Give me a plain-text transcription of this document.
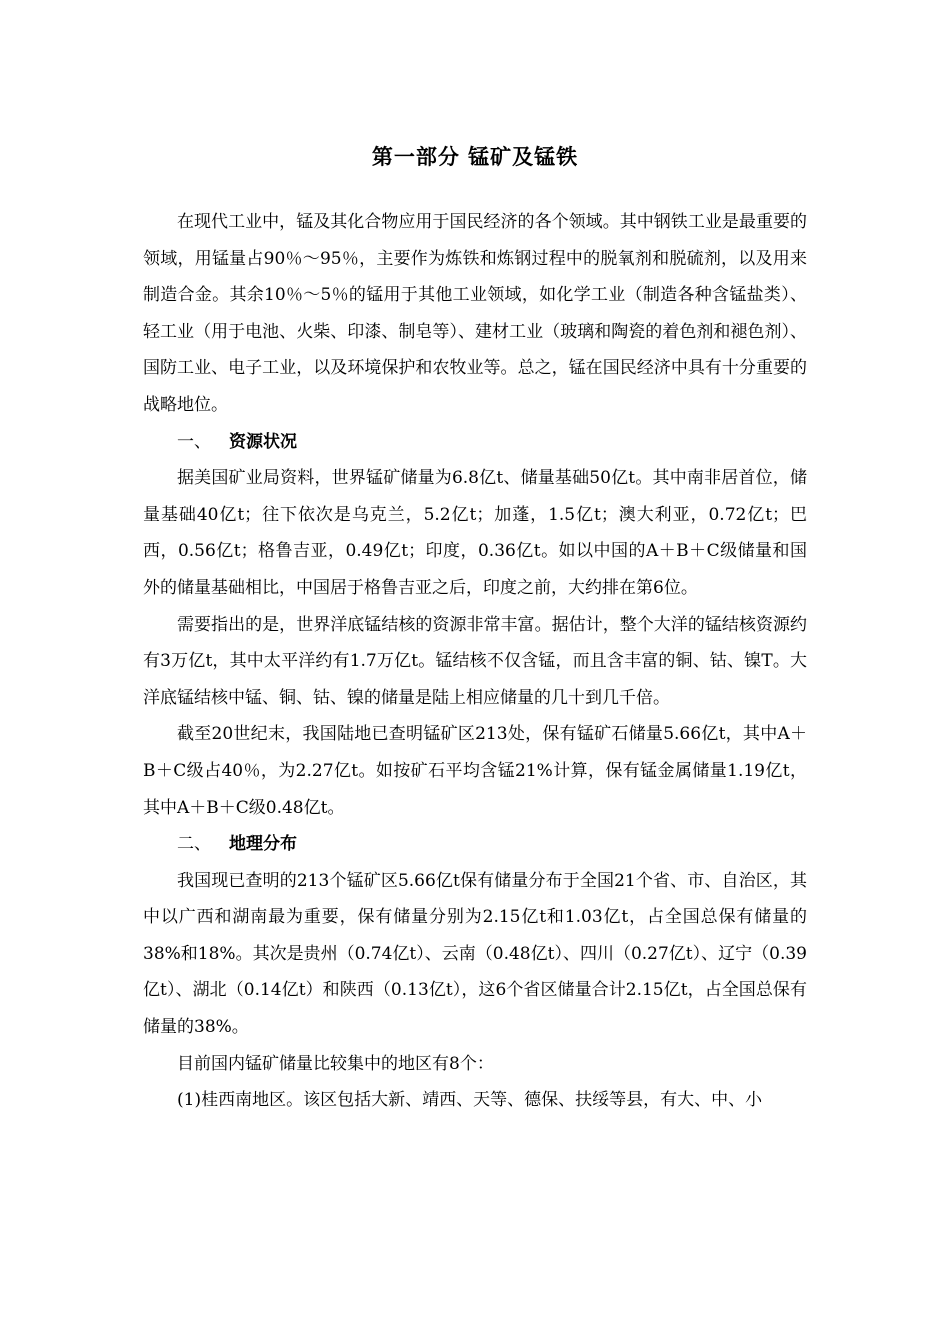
第一部分 锰矿及锰铁

在现代工业中，锰及其化合物应用于国民经济的各个领域。其中钢铁工业是最重要的领域，用锰量占90％～95％，主要作为炼铁和炼钢过程中的脱氧剂和脱硫剂，以及用来制造合金。其余10％～5％的锰用于其他工业领域，如化学工业（制造各种含锰盐类）、轻工业（用于电池、火柴、印漆、制皂等）、建材工业（玻璃和陶瓷的着色剂和褪色剂）、国防工业、电子工业，以及环境保护和农牧业等。总之，锰在国民经济中具有十分重要的战略地位。

一、 资源状况

据美国矿业局资料，世界锰矿储量为6.8亿t、储量基础50亿t。其中南非居首位，储量基础40亿t；往下依次是乌克兰，5.2亿t；加蓬，1.5亿t；澳大利亚，0.72亿t；巴西，0.56亿t；格鲁吉亚，0.49亿t；印度，0.36亿t。如以中国的A＋B＋C级储量和国外的储量基础相比，中国居于格鲁吉亚之后，印度之前，大约排在第6位。

需要指出的是，世界洋底锰结核的资源非常丰富。据估计，整个大洋的锰结核资源约有3万亿t，其中太平洋约有1.7万亿t。锰结核不仅含锰，而且含丰富的铜、钴、镍T。大洋底锰结核中锰、铜、钴、镍的储量是陆上相应储量的几十到几千倍。

截至20世纪末，我国陆地已查明锰矿区213处，保有锰矿石储量5.66亿t，其中A＋B＋C级占40％，为2.27亿t。如按矿石平均含锰21%计算，保有锰金属储量1.19亿t，其中A＋B＋C级0.48亿t。

二、 地理分布

我国现已查明的213个锰矿区5.66亿t保有储量分布于全国21个省、市、自治区，其中以广西和湖南最为重要，保有储量分别为2.15亿t和1.03亿t，占全国总保有储量的38%和18%。其次是贵州（0.74亿t）、云南（0.48亿t）、四川（0.27亿t）、辽宁（0.39亿t）、湖北（0.14亿t）和陕西（0.13亿t），这6个省区储量合计2.15亿t，占全国总保有储量的38%。

目前国内锰矿储量比较集中的地区有8个：

(1)桂西南地区。该区包括大新、靖西、天等、德保、扶绥等县，有大、中、小
